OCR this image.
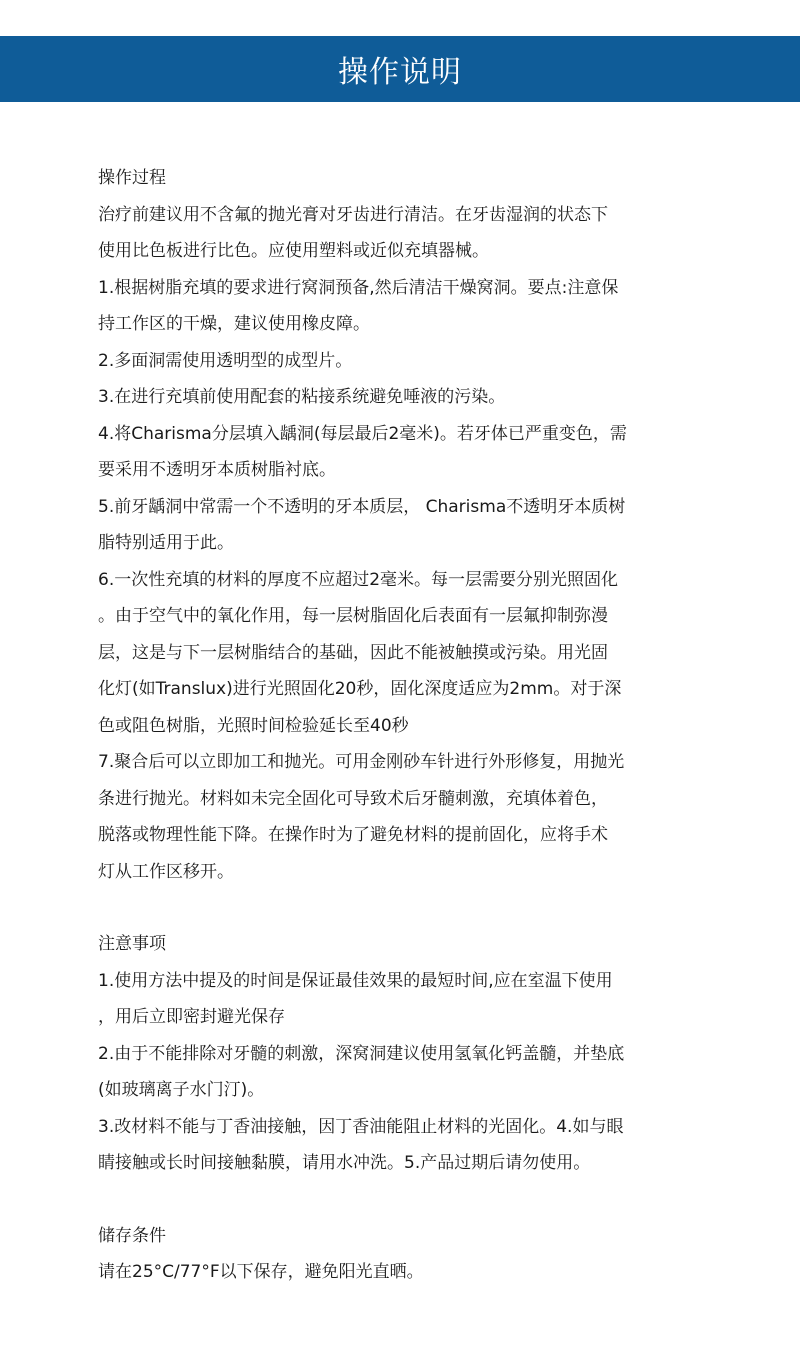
操作说明
操作过程
治疗前建议用不含氟的抛光膏对牙齿进行清洁。在牙齿湿润的状态下
使用比色板进行比色。应使用塑料或近似充填器械。
1.根据树脂充填的要求进行窝洞预备,然后清洁干燥窝洞。要点:注意保
持工作区的干燥，建议使用橡皮障。
2.多面洞需使用透明型的成型片。
3.在进行充填前使用配套的粘接系统避免唾液的污染。
4.将Charisma分层填入龋洞(每层最后2毫米)。若牙体已严重变色，需
要采用不透明牙本质树脂衬底。
5.前牙龋洞中常需一个不透明的牙本质层， Charisma不透明牙本质树
脂特别适用于此。
6.一次性充填的材料的厚度不应超过2毫米。每一层需要分别光照固化
。由于空气中的氧化作用，每一层树脂固化后表面有一层氟抑制弥漫
层，这是与下一层树脂结合的基础，因此不能被触摸或污染。用光固
化灯(如Translux)进行光照固化20秒，固化深度适应为2mm。对于深
色或阻色树脂，光照时间检验延长至40秒
7.聚合后可以立即加工和抛光。可用金刚砂车针进行外形修复，用抛光
条进行抛光。材料如未完全固化可导致术后牙髓刺激，充填体着色，
脱落或物理性能下降。在操作时为了避免材料的提前固化，应将手术
灯从工作区移开。
注意事项
1.使用方法中提及的时间是保证最佳效果的最短时间,应在室温下使用
，用后立即密封避光保存
2.由于不能排除对牙髓的刺激，深窝洞建议使用氢氧化钙盖髓，并垫底
(如玻璃离子水门汀)。
3.改材料不能与丁香油接触，因丁香油能阻止材料的光固化。4.如与眼
睛接触或长时间接触黏膜，请用水冲洗。5.产品过期后请勿使用。
储存条件
请在25°C/77°F以下保存，避免阳光直晒。
